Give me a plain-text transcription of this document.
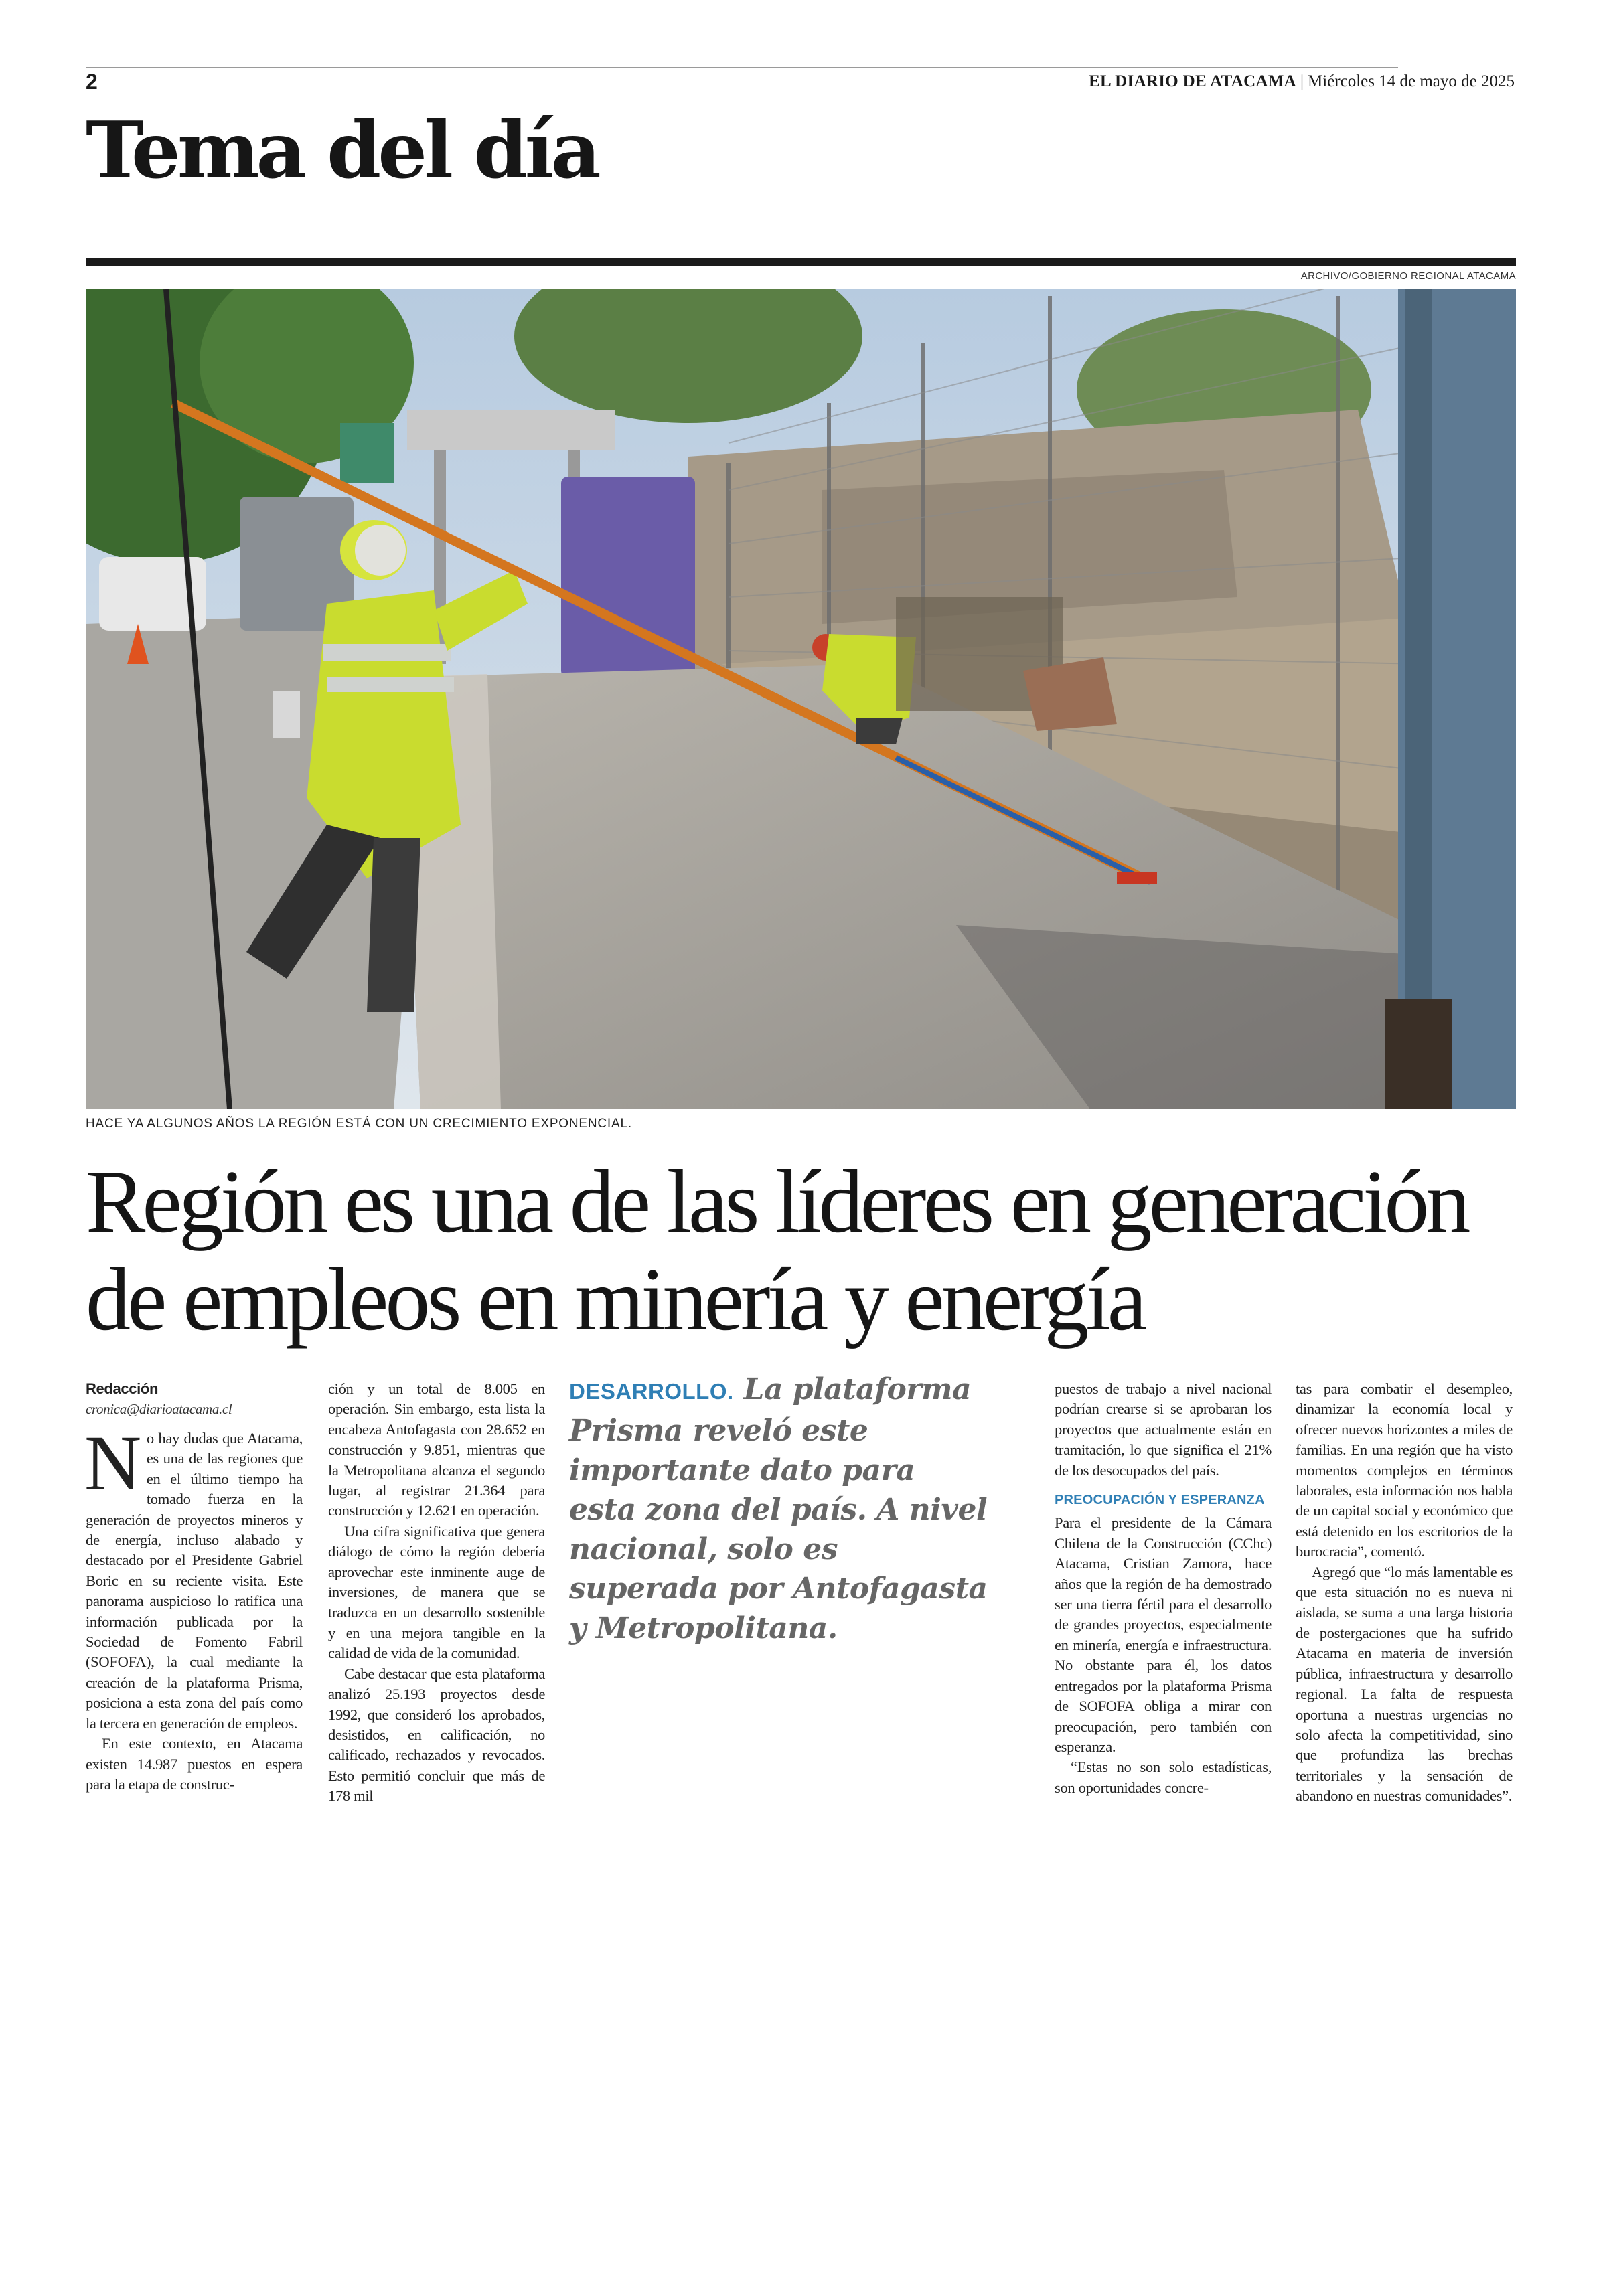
2	EL DIARIO DE ATACAMA | Miércoles 14 de mayo de 2025
Tema del día
ARCHIVO/GOBIERNO REGIONAL ATACAMA
HACE YA ALGUNOS AÑOS LA REGIÓN ESTÁ CON UN CRECIMIENTO EXPONENCIAL.
Región es una de las líderes en generación
de empleos en minería y energía
Redacción
cronica@diarioatacama.cl

No hay dudas que Atacama, es una de las regiones que en el último tiempo ha tomado fuerza en la generación de proyectos mineros y de energía, incluso alabado y destacado por el Presidente Gabriel Boric en su reciente visita. Este panorama auspicioso lo ratifica una información publicada por la Sociedad de Fomento Fabril (SOFOFA), la cual mediante la creación de la plataforma Prisma, posiciona a esta zona del país como la tercera en generación de empleos.

En este contexto, en Atacama existen 14.987 puestos en espera para la etapa de construc-

ción y un total de 8.005 en operación. Sin embargo, esta lista la encabeza Antofagasta con 28.652 en construcción y 9.851, mientras que la Metropolitana alcanza el segundo lugar, al registrar 21.364 para construcción y 12.621 en operación.

Una cifra significativa que genera diálogo de cómo la región debería aprovechar este inminente auge de inversiones, de manera que se traduzca en un desarrollo sostenible y en una mejora tangible en la calidad de vida de la comunidad.

Cabe destacar que esta plataforma analizó 25.193 proyectos desde 1992, que consideró los aprobados, desistidos, en calificación, no calificado, rechazados y revocados. Esto permitió concluir que más de 178 mil

DESARROLLO. La plataforma Prisma reveló este importante dato para esta zona del país. A nivel nacional, solo es superada por Antofagasta y Metropolitana.

puestos de trabajo a nivel nacional podrían crearse si se aprobaran los proyectos que actualmente están en tramitación, lo que significa el 21% de los desocupados del país.

PREOCUPACIÓN Y ESPERANZA

Para el presidente de la Cámara Chilena de la Construcción (CChc) Atacama, Cristian Zamora, hace años que la región de ha demostrado ser una tierra fértil para el desarrollo de grandes proyectos, especialmente en minería, energía e infraestructura. No obstante para él, los datos entregados por la plataforma Prisma de SOFOFA obliga a mirar con preocupación, pero también con esperanza.

“Estas no son solo estadísticas, son oportunidades concre-

tas para combatir el desempleo, dinamizar la economía local y ofrecer nuevos horizontes a miles de familias. En una región que ha visto momentos complejos en términos laborales, esta información nos habla de un capital social y económico que está detenido en los escritorios de la burocracia”, comentó.

Agregó que “lo más lamentable es que esta situación no es nueva ni aislada, se suma a una larga historia de postergaciones que ha sufrido Atacama en materia de inversión pública, infraestructura y desarrollo regional. La falta de respuesta oportuna a nuestras urgencias no solo afecta la competitividad, sino que profundiza las brechas territoriales y la sensación de abandono en nuestras comunidades”.
